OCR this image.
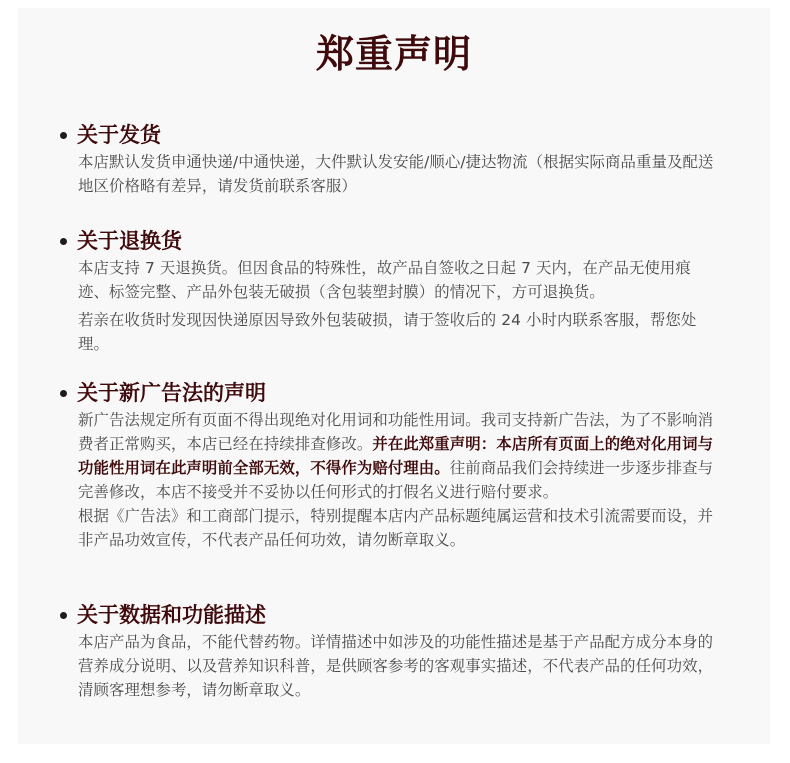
郑重声明
关于发货

本店默认发货申通快递/中通快递，大件默认发安能/顺心/捷达物流（根据实际商品重量及配送地区价格略有差异，请发货前联系客服）

关于退换货

本店支持 7 天退换货。但因食品的特殊性，故产品自签收之日起 7 天内，在产品无使用痕迹、标签完整、产品外包装无破损（含包装塑封膜）的情况下，方可退换货。

若亲在收货时发现因快递原因导致外包装破损，请于签收后的 24 小时内联系客服，帮您处理。

关于新广告法的声明

新广告法规定所有页面不得出现绝对化用词和功能性用词。我司支持新广告法，为了不影响消费者正常购买，本店已经在持续排查修改。并在此郑重声明：本店所有页面上的绝对化用词与功能性用词在此声明前全部无效，不得作为赔付理由。往前商品我们会持续进一步逐步排查与完善修改，本店不接受并不妥协以任何形式的打假名义进行赔付要求。

根据《广告法》和工商部门提示，特别提醒本店内产品标题纯属运营和技术引流需要而设，并非产品功效宣传，不代表产品任何功效，请勿断章取义。

关于数据和功能描述

本店产品为食品，不能代替药物。详情描述中如涉及的功能性描述是基于产品配方成分本身的营养成分说明、以及营养知识科普，是供顾客参考的客观事实描述，不代表产品的任何功效，清顾客理想参考，请勿断章取义。
